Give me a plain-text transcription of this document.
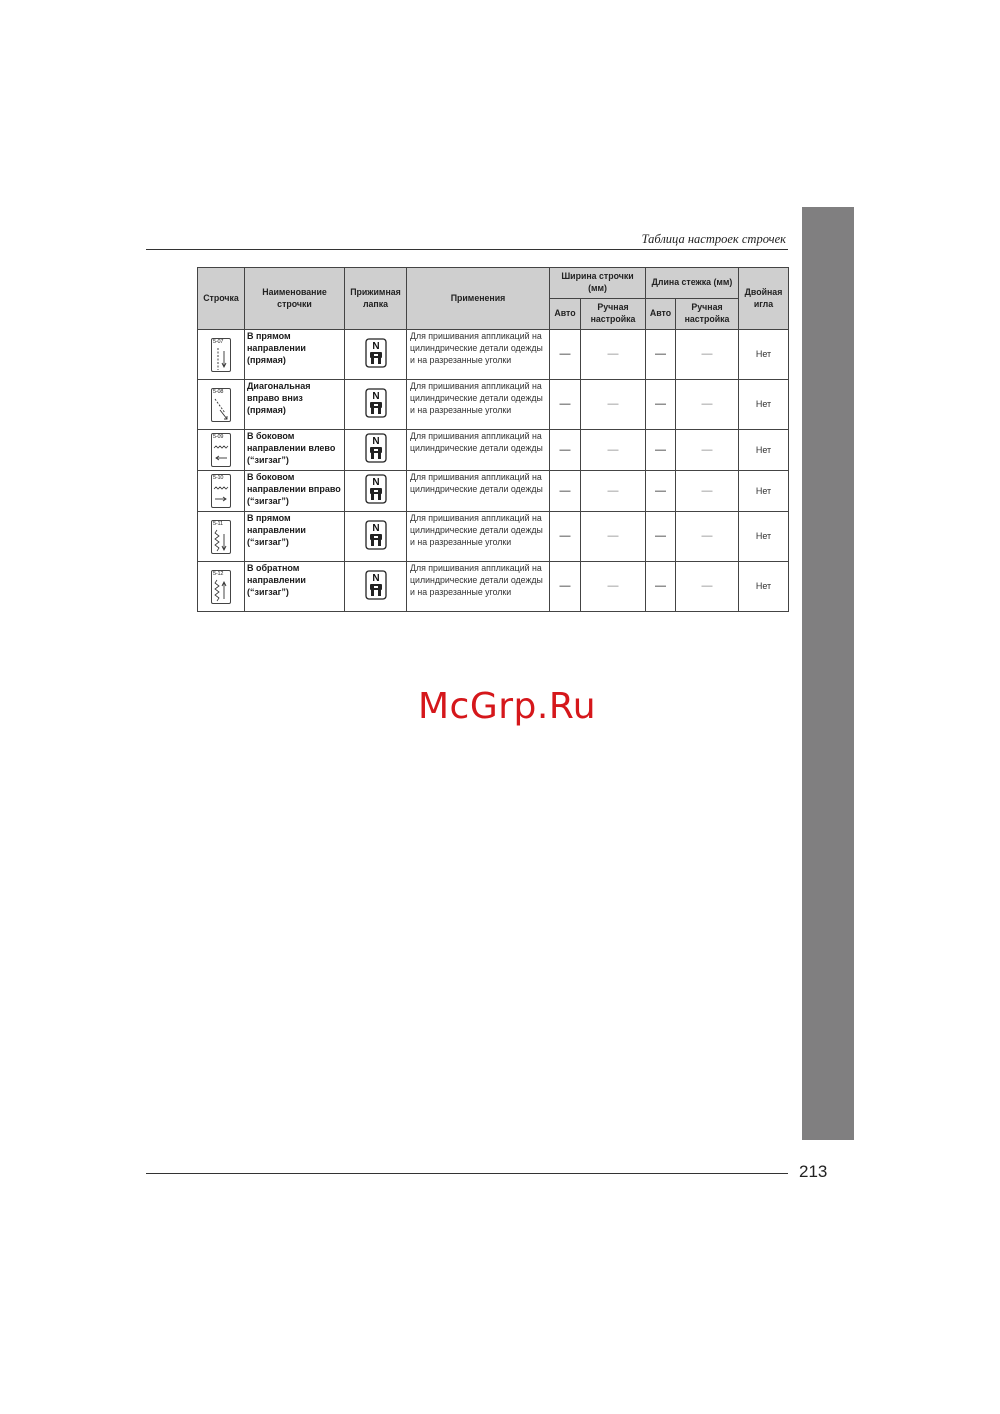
Таблица настроек строчек
Строчка	Наименование строчки	Прижимная лапка	Применения	Ширина строчки (мм)		Длина стежка (мм)		Двойная игла
				Авто	Ручная настройка	Авто	Ручная настройка	

5-07	В прямом направлении (прямая)	N	Для пришивания аппликаций на цилиндрические детали одежды и на разрезанные уголки	—	—	—	—	Нет

5-08	Диагональная вправо вниз (прямая)	N	Для пришивания аппликаций на цилиндрические детали одежды и на разрезанные уголки	—	—	—	—	Нет

5-09	В боковом направлении влево (“зигзаг”)	N	Для пришивания аппликаций на цилиндрические детали одежды	—	—	—	—	Нет

5-10	В боковом направлении вправо (“зигзаг”)	N	Для пришивания аппликаций на цилиндрические детали одежды	—	—	—	—	Нет

5-11	В прямом направлении (“зигзаг”)	N	Для пришивания аппликаций на цилиндрические детали одежды и на разрезанные уголки	—	—	—	—	Нет

5-12	В обратном направлении (“зигзаг”)	N	Для пришивания аппликаций на цилиндрические детали одежды и на разрезанные уголки	—	—	—	—	Нет
McGrp.Ru
213
